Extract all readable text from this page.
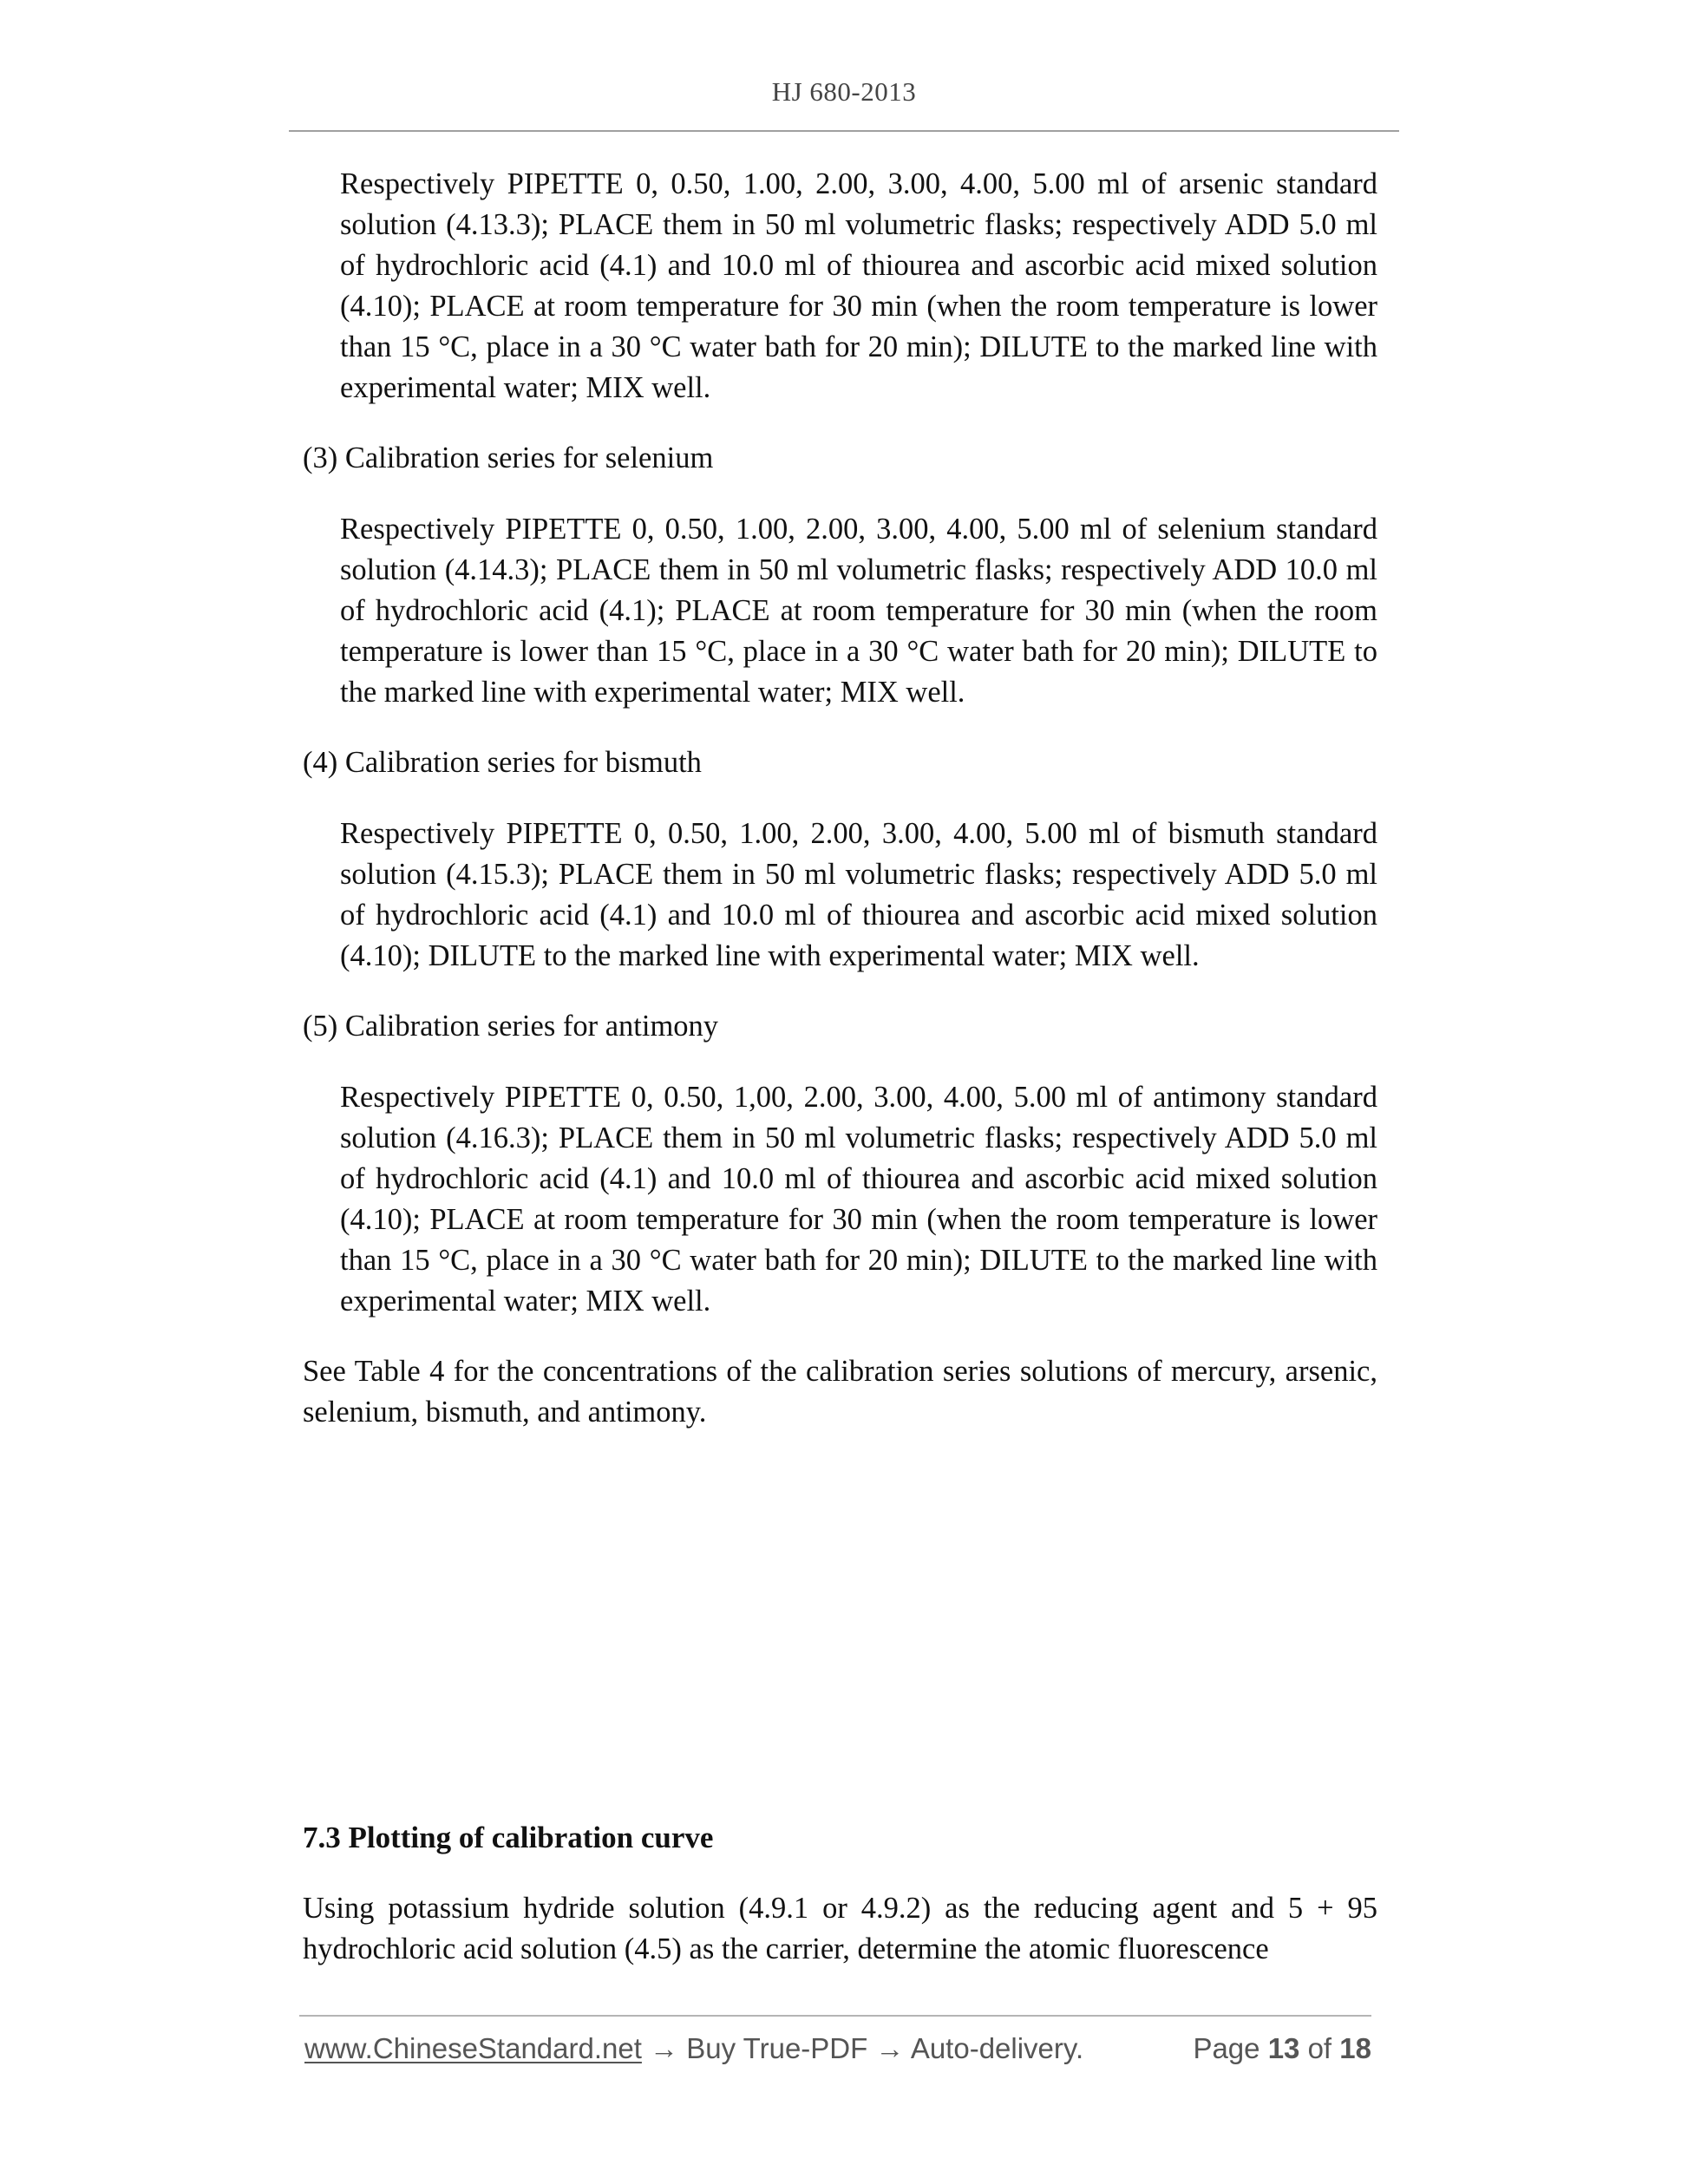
HJ 680-2013
Respectively PIPETTE 0, 0.50, 1.00, 2.00, 3.00, 4.00, 5.00 ml of arsenic standard solution (4.13.3); PLACE them in 50 ml volumetric flasks; respectively ADD 5.0 ml of hydrochloric acid (4.1) and 10.0 ml of thiourea and ascorbic acid mixed solution (4.10); PLACE at room temperature for 30 min (when the room temperature is lower than 15 °C, place in a 30 °C water bath for 20 min); DILUTE to the marked line with experimental water; MIX well.
(3) Calibration series for selenium
Respectively PIPETTE 0, 0.50, 1.00, 2.00, 3.00, 4.00, 5.00 ml of selenium standard solution (4.14.3); PLACE them in 50 ml volumetric flasks; respectively ADD 10.0 ml of hydrochloric acid (4.1); PLACE at room temperature for 30 min (when the room temperature is lower than 15 °C, place in a 30 °C water bath for 20 min); DILUTE to the marked line with experimental water; MIX well.
(4) Calibration series for bismuth
Respectively PIPETTE 0, 0.50, 1.00, 2.00, 3.00, 4.00, 5.00 ml of bismuth standard solution (4.15.3); PLACE them in 50 ml volumetric flasks; respectively ADD 5.0 ml of hydrochloric acid (4.1) and 10.0 ml of thiourea and ascorbic acid mixed solution (4.10); DILUTE to the marked line with experimental water; MIX well.
(5) Calibration series for antimony
Respectively PIPETTE 0, 0.50, 1,00, 2.00, 3.00, 4.00, 5.00 ml of antimony standard solution (4.16.3); PLACE them in 50 ml volumetric flasks; respectively ADD 5.0 ml of hydrochloric acid (4.1) and 10.0 ml of thiourea and ascorbic acid mixed solution (4.10); PLACE at room temperature for 30 min (when the room temperature is lower than 15 °C, place in a 30 °C water bath for 20 min); DILUTE to the marked line with experimental water; MIX well.
See Table 4 for the concentrations of the calibration series solutions of mercury, arsenic, selenium, bismuth, and antimony.
7.3 Plotting of calibration curve
Using potassium hydride solution (4.9.1 or 4.9.2) as the reducing agent and 5 + 95 hydrochloric acid solution (4.5) as the carrier, determine the atomic fluorescence
www.ChineseStandard.net → Buy True-PDF → Auto-delivery.	Page 13 of 18
